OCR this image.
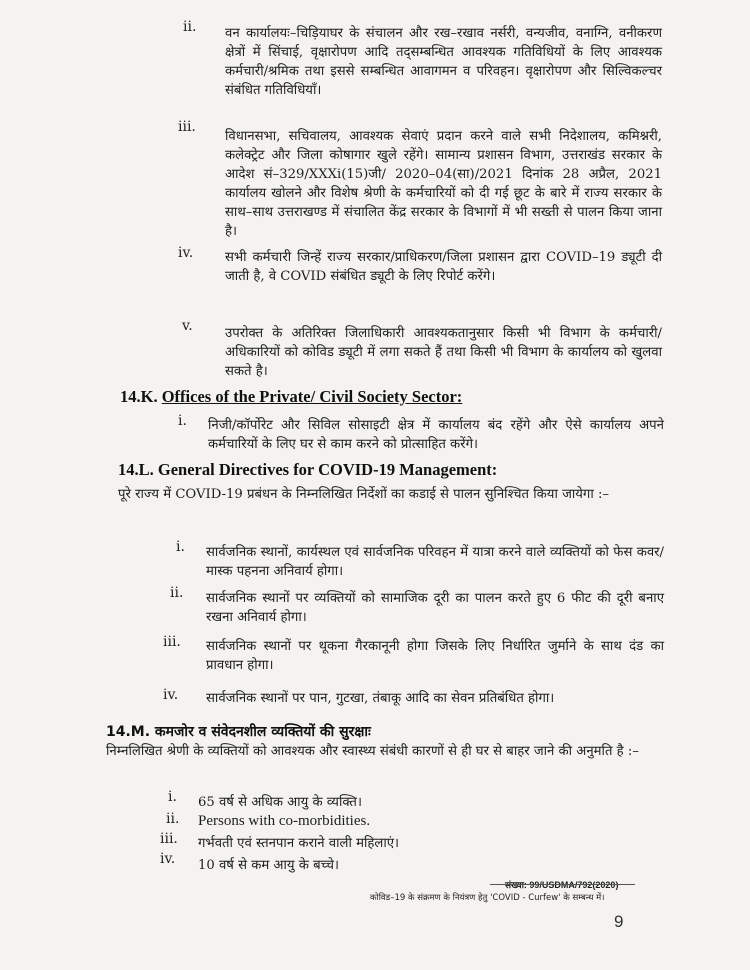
ii. वन कार्यालयः–चिड़ियाघर के संचालन और रख–रखाव नर्सरी, वन्यजीव, वनाग्नि, वनीकरण क्षेत्रों में सिंचाई, वृक्षारोपण आदि तद्सम्बन्धित आवश्यक गतिविधियों के लिए आवश्यक कर्मचारी/श्रमिक तथा इससे सम्बन्धित आवागमन व परिवहन। वृक्षारोपण और सिल्विकल्चर संबंधित गतिविधियाँ।
iii.
विधानसभा, सचिवालय, आवश्यक सेवाएं प्रदान करने वाले सभी निदेशालय, कमिश्नरी, कलेक्ट्रेट और जिला कोषागार खुले रहेंगे। सामान्य प्रशासन विभाग, उत्तराखंड सरकार के आदेश सं–329/XXXi(15)जी/ 2020–04(सा)/2021 दिनांक 28 अप्रैल, 2021 कार्यालय खोलने और विशेष श्रेणी के कर्मचारियों को दी गई छूट के बारे में राज्य सरकार के साथ–साथ उत्तराखण्ड में संचालित केंद्र सरकार के विभागों में भी सख्ती से पालन किया जाना है।
iv. सभी कर्मचारी जिन्हें राज्य सरकार/प्राधिकरण/जिला प्रशासन द्वारा COVID–19 ड्यूटी दी जाती है, वे COVID संबंधित ड्यूटी के लिए रिपोर्ट करेंगे।
v. उपरोक्त के अतिरिक्त जिलाधिकारी आवश्यकतानुसार किसी भी विभाग के कर्मचारी/अधिकारियों को कोविड ड्यूटी में लगा सकते हैं तथा किसी भी विभाग के कार्यालय को खुलवा सकते है।
14.K. Offices of the Private/ Civil Society Sector:
i. निजी/कॉर्पोरेट और सिविल सोसाइटी क्षेत्र में कार्यालय बंद रहेंगे और ऐसे कार्यालय अपने कर्मचारियों के लिए घर से काम करने को प्रोत्साहित करेंगे।
14.L. General Directives for COVID-19 Management:
पूरे राज्य में COVID-19 प्रबंधन के निम्नलिखित निर्देशों का कडाई से पालन सुनिश्चित किया जायेगा :–
i. सार्वजनिक स्थानों, कार्यस्थल एवं सार्वजनिक परिवहन में यात्रा करने वाले व्यक्तियों को फेस कवर/मास्क पहनना अनिवार्य होगा।
ii. सार्वजनिक स्थानों पर व्यक्तियों को सामाजिक दूरी का पालन करते हुए 6 फीट की दूरी बनाए रखना अनिवार्य होगा।
iii. सार्वजनिक स्थानों पर थूकना गैरकानूनी होगा जिसके लिए निर्धारित जुर्माने के साथ दंड का प्रावधान होगा।
iv. सार्वजनिक स्थानों पर पान, गुटखा, तंबाकू आदि का सेवन प्रतिबंधित होगा।
14.M. कमजोर व संवेदनशील व्यक्तियों की सुरक्षाः
निम्नलिखित श्रेणी के व्यक्तियों को आवश्यक और स्वास्थ्य संबंधी कारणों से ही घर से बाहर जाने की अनुमति है :–
i. 65 वर्ष से अधिक आयु के व्यक्ति।
ii. Persons with co-morbidities.
iii. गर्भवती एवं स्तनपान कराने वाली महिलाएं।
iv. 10 वर्ष से कम आयु के बच्चे।
संख्या: 99/USDMA/792(2020)
कोविड–19 के संक्रमण के नियंत्रण हेतु 'COVID - Curfew' के सम्बन्ध में।
9
